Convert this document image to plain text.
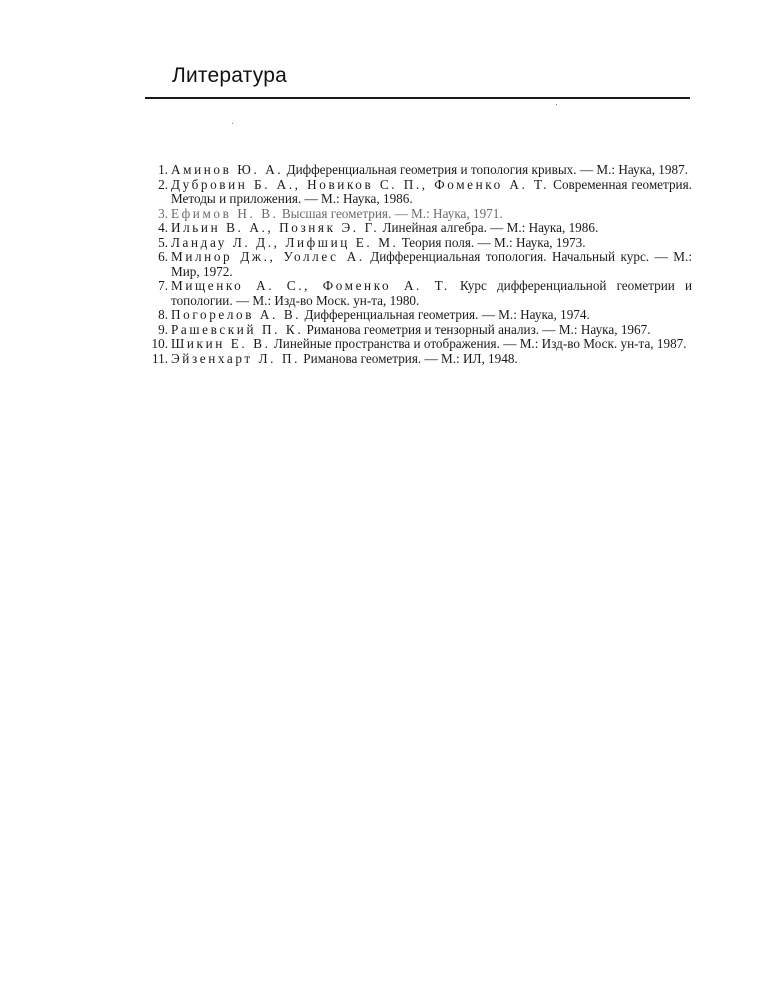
Литература
1. Аминов Ю. А. Дифференциальная геометрия и топология кривых. — М.: Наука, 1987.
2. Дубровин Б. А., Новиков С. П., Фоменко А. Т. Современная геометрия. Методы и приложения. — М.: Наука, 1986.
3. Ефимов Н. В. Высшая геометрия. — М.: Наука, 1971.
4. Ильин В. А., Позняк Э. Г. Линейная алгебра. — М.: Наука, 1986.
5. Ландау Л. Д., Лифшиц Е. М. Теория поля. — М.: Наука, 1973.
6. Милнор Дж., Уоллес А. Дифференциальная топология. Начальный курс. — М.: Мир, 1972.
7. Мищенко А. С., Фоменко А. Т. Курс дифференциальной геометрии и топологии. — М.: Изд-во Моск. ун-та, 1980.
8. Погорелов А. В. Дифференциальная геометрия. — М.: Наука, 1974.
9. Рашевский П. К. Риманова геометрия и тензорный анализ. — М.: Наука, 1967.
10. Шикин Е. В. Линейные пространства и отображения. — М.: Изд-во Моск. ун-та, 1987.
11. Эйзенхарт Л. П. Риманова геометрия. — М.: ИЛ, 1948.
